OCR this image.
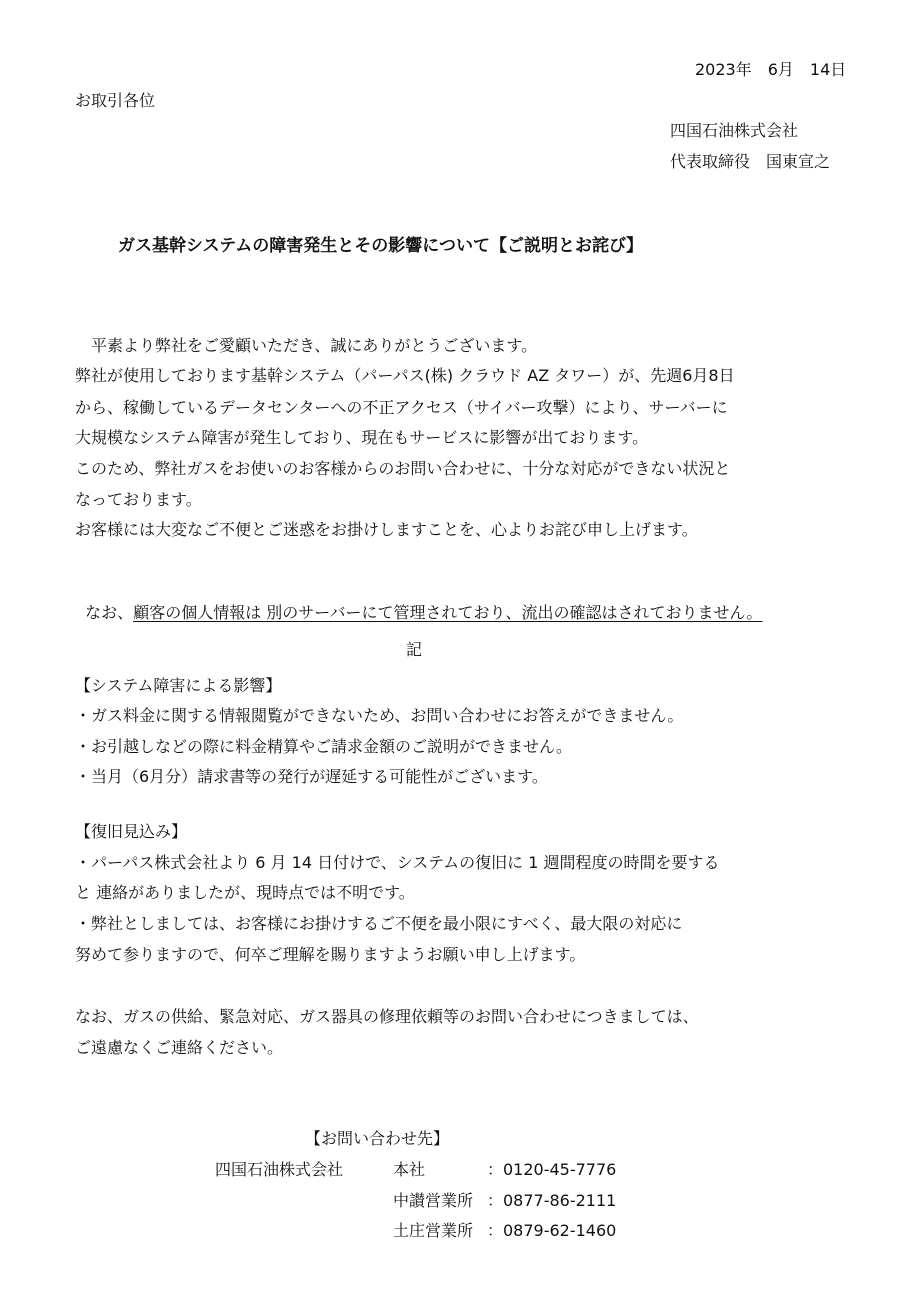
2023年　6月　14日
お取引各位
四国石油株式会社
代表取締役　国東宣之
ガス基幹システムの障害発生とその影響について【ご説明とお詫び】
　平素より弊社をご愛顧いただき、誠にありがとうございます。
弊社が使用しております基幹システム（パーパス(株) クラウド AZ タワー）が、先週6月8日
から、稼働しているデータセンターへの不正アクセス（サイバー攻撃）により、サーバーに
大規模なシステム障害が発生しており、現在もサービスに影響が出ております。
このため、弊社ガスをお使いのお客様からのお問い合わせに、十分な対応ができない状況と
なっております。
お客様には大変なご不便とご迷惑をお掛けしますことを、心よりお詫び申し上げます。

なお、顧客の個人情報は 別のサーバーにて管理されており、流出の確認はされておりません。

記
【システム障害による影響】
・ガス料金に関する情報閲覧ができないため、お問い合わせにお答えができません。
・お引越しなどの際に料金精算やご請求金額のご説明ができません。
・当月（6月分）請求書等の発行が遅延する可能性がございます。
【復旧見込み】
・パーパス株式会社より 6 月 14 日付けで、システムの復旧に 1 週間程度の時間を要する
と 連絡がありましたが、現時点では不明です。
・弊社としましては、お客様にお掛けするご不便を最小限にすべく、最大限の対応に
努めて参りますので、何卒ご理解を賜りますようお願い申し上げます。
なお、ガスの供給、緊急対応、ガス器具の修理依頼等のお問い合わせにつきましては、
ご遠慮なくご連絡ください。
【お問い合わせ先】
四国石油株式会社	本社	：0120-45-7776
中讃営業所 ：0877-86-2111
土庄営業所 ：0879-62-1460
